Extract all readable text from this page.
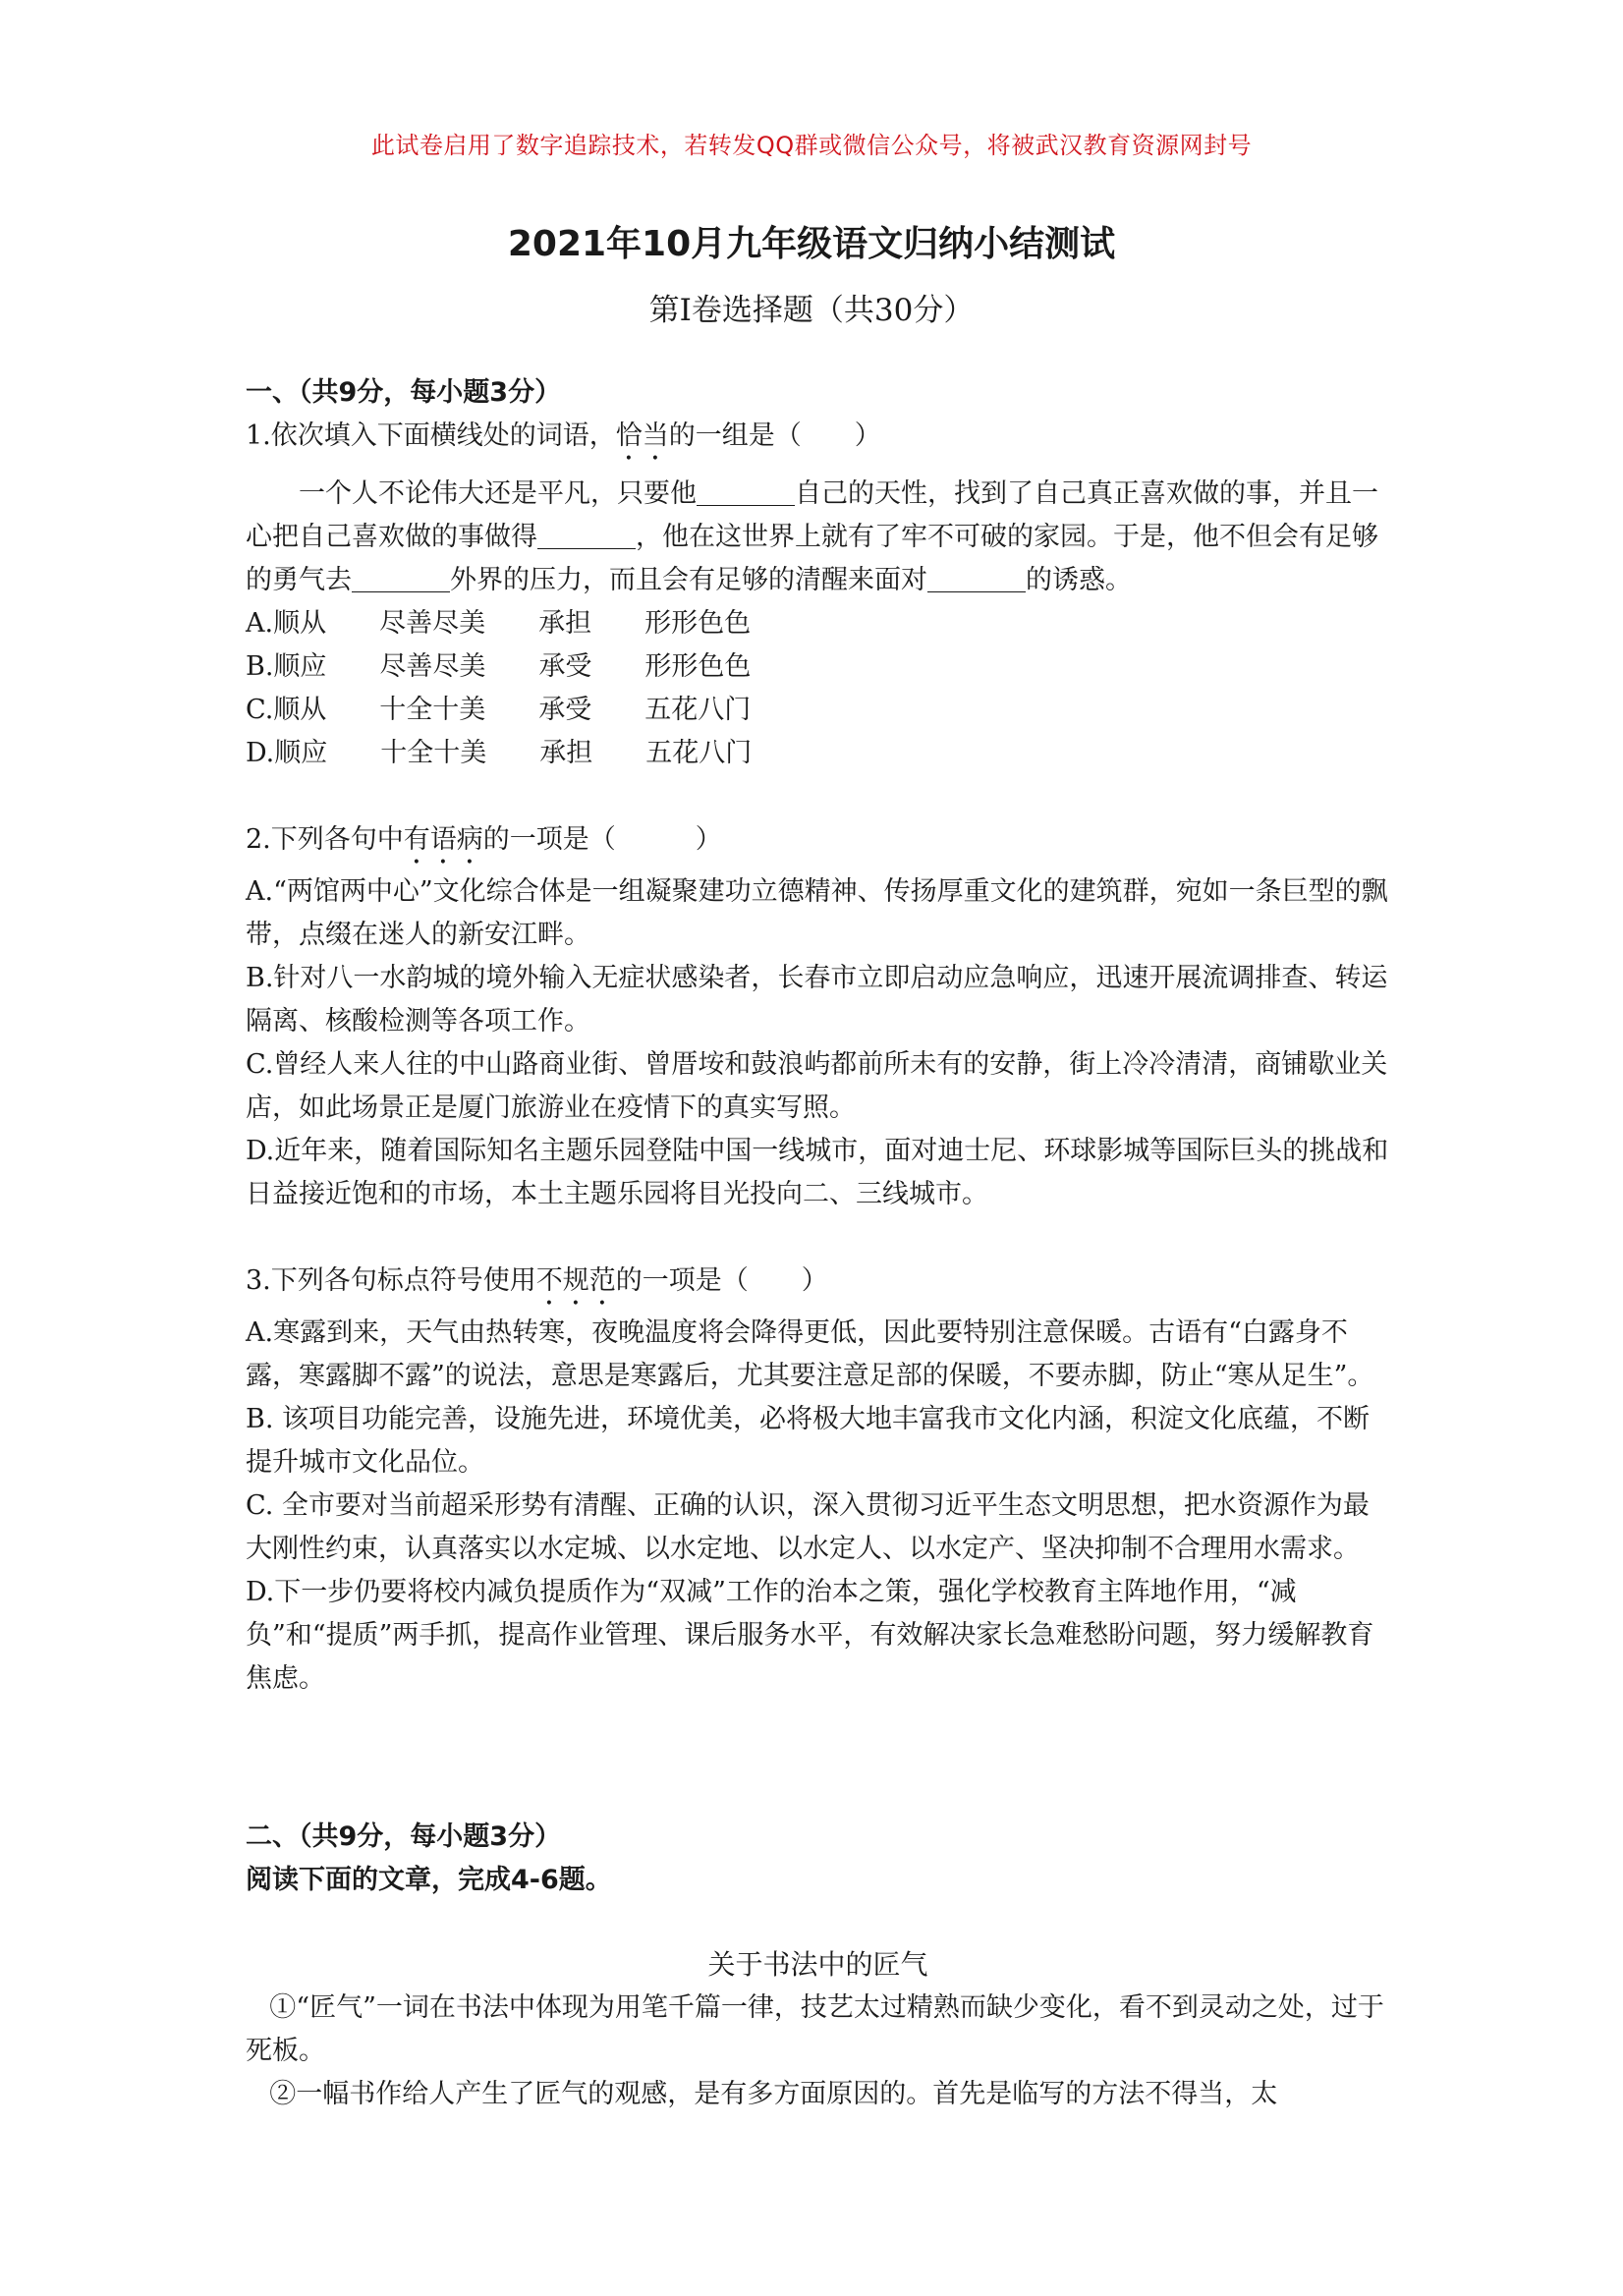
此试卷启用了数字追踪技术，若转发QQ群或微信公众号，将被武汉教育资源网封号
2021年10月九年级语文归纳小结测试
第Ⅰ卷选择题（共30分）

一、（共9分，每小题3分）

1.依次填入下面横线处的词语，恰当的一组是（　　）

一个人不论伟大还是平凡，只要他	自己的天性，找到了自己真正喜欢做的事，并且一心把自己喜欢做的事做得	，他在这世界上就有了牢不可破的家园。于是，他不但会有足够的勇气去	外界的压力，而且会有足够的清醒来面对	的诱惑。

A.顺从　　尽善尽美　　承担　　形形色色

B.顺应　　尽善尽美　　承受　　形形色色

C.顺从　　十全十美　　承受　　五花八门

D.顺应　　十全十美　　承担　　五花八门

2.下列各句中有语病的一项是（　　　）

A.“两馆两中心”文化综合体是一组凝聚建功立德精神、传扬厚重文化的建筑群，宛如一条巨型的飘带，点缀在迷人的新安江畔。

B.针对八一水韵城的境外输入无症状感染者，长春市立即启动应急响应，迅速开展流调排查、转运隔离、核酸检测等各项工作。

C.曾经人来人往的中山路商业街、曾厝垵和鼓浪屿都前所未有的安静，街上冷冷清清，商铺歇业关店，如此场景正是厦门旅游业在疫情下的真实写照。

D.近年来，随着国际知名主题乐园登陆中国一线城市，面对迪士尼、环球影城等国际巨头的挑战和日益接近饱和的市场，本土主题乐园将目光投向二、三线城市。

3.下列各句标点符号使用不规范的一项是（　　）

A.寒露到来，天气由热转寒，夜晚温度将会降得更低，因此要特别注意保暖。古语有“白露身不露，寒露脚不露”的说法，意思是寒露后，尤其要注意足部的保暖，不要赤脚，防止“寒从足生”。

B. 该项目功能完善，设施先进，环境优美，必将极大地丰富我市文化内涵，积淀文化底蕴，不断提升城市文化品位。

C. 全市要对当前超采形势有清醒、正确的认识，深入贯彻习近平生态文明思想，把水资源作为最大刚性约束，认真落实以水定城、以水定地、以水定人、以水定产、坚决抑制不合理用水需求。

D.下一步仍要将校内减负提质作为“双减”工作的治本之策，强化学校教育主阵地作用，“减负”和“提质”两手抓，提高作业管理、课后服务水平，有效解决家长急难愁盼问题，努力缓解教育焦虑。

二、（共9分，每小题3分）

阅读下面的文章，完成4-6题。

关于书法中的匠气

①“匠气”一词在书法中体现为用笔千篇一律，技艺太过精熟而缺少变化，看不到灵动之处，过于死板。

②一幅书作给人产生了匠气的观感，是有多方面原因的。首先是临写的方法不得当，太
